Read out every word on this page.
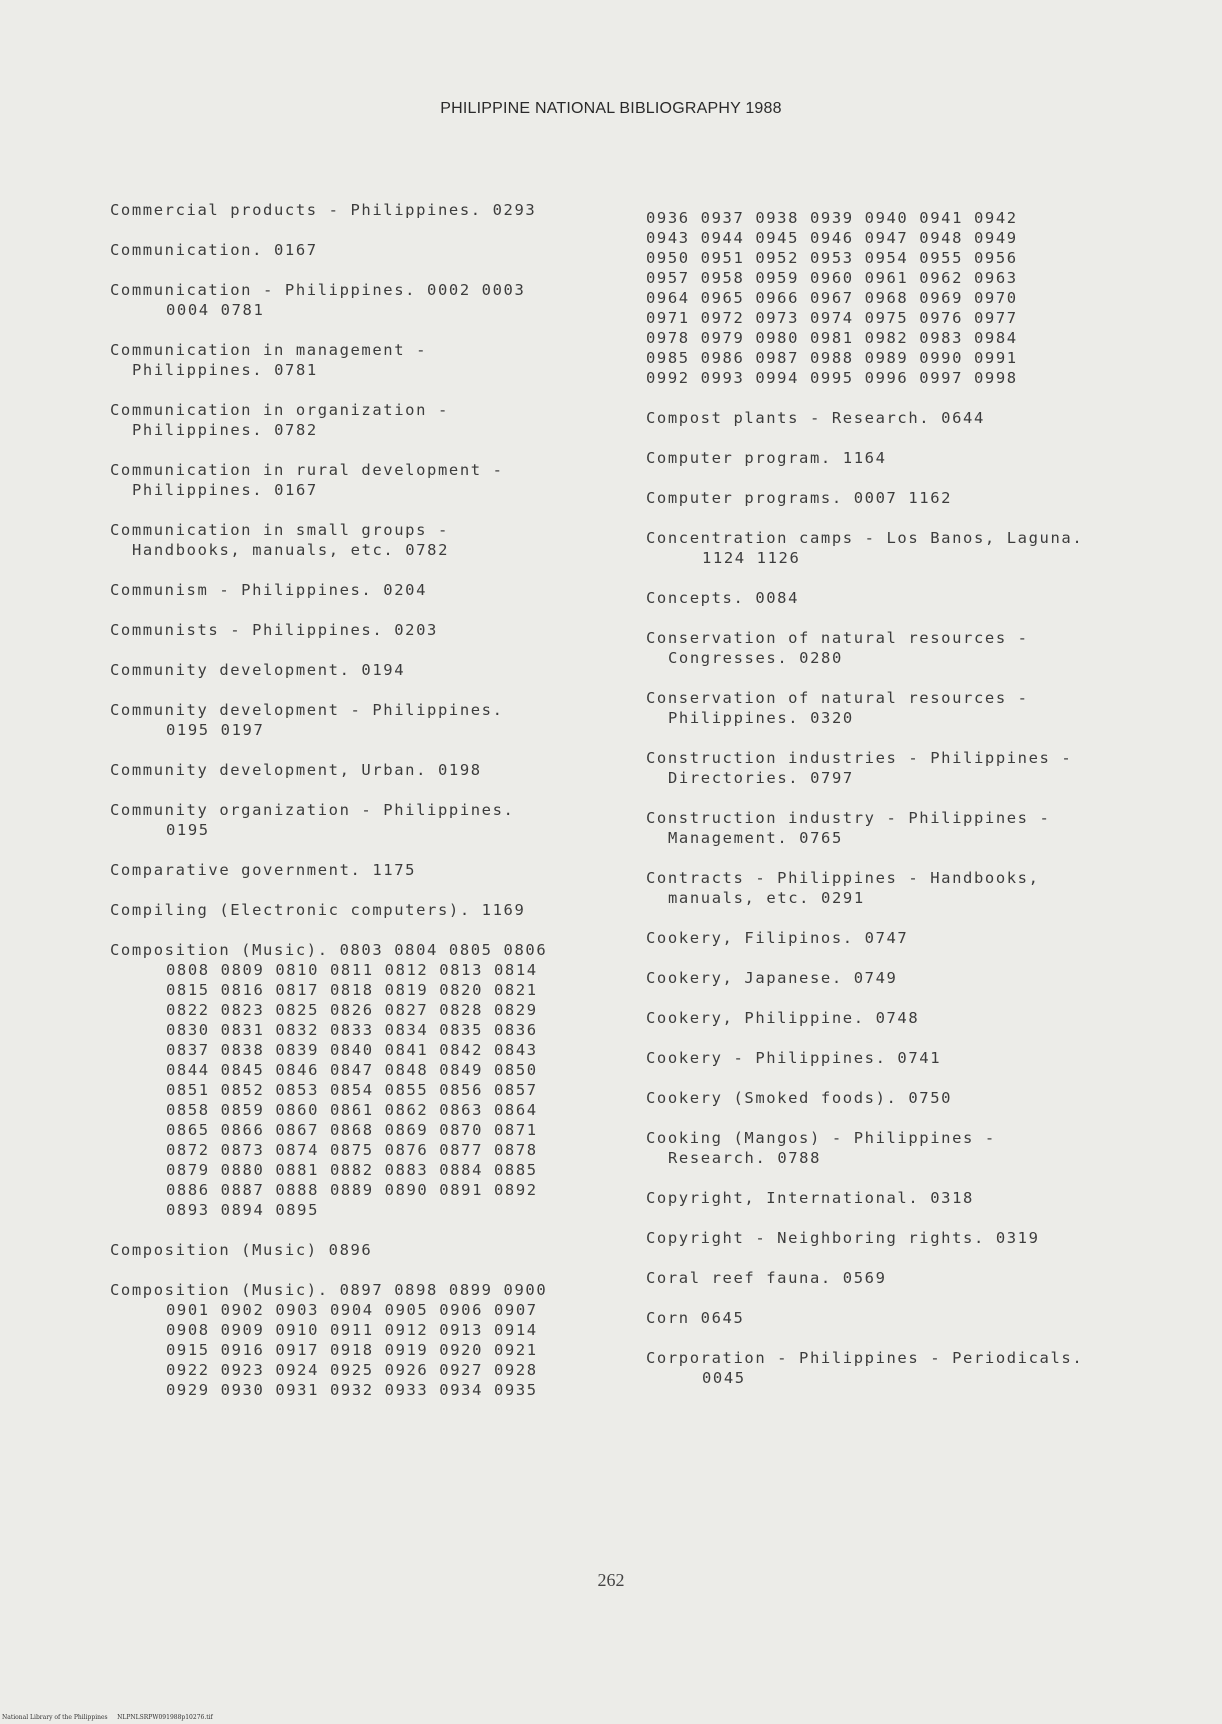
PHILIPPINE NATIONAL BIBLIOGRAPHY 1988
Commercial products - Philippines. 0293
Communication. 0167
Communication - Philippines. 0002 0003
0004 0781
Communication in management -
Philippines. 0781
Communication in organization -
Philippines. 0782
Communication in rural development -
Philippines. 0167
Communication in small groups -
Handbooks, manuals, etc. 0782
Communism - Philippines. 0204
Communists - Philippines. 0203
Community development. 0194
Community development - Philippines.
0195 0197
Community development, Urban. 0198
Community organization - Philippines.
0195
Comparative government. 1175
Compiling (Electronic computers). 1169
Composition (Music). 0803 0804 0805 0806
0808 0809 0810 0811 0812 0813 0814
0815 0816 0817 0818 0819 0820 0821
0822 0823 0825 0826 0827 0828 0829
0830 0831 0832 0833 0834 0835 0836
0837 0838 0839 0840 0841 0842 0843
0844 0845 0846 0847 0848 0849 0850
0851 0852 0853 0854 0855 0856 0857
0858 0859 0860 0861 0862 0863 0864
0865 0866 0867 0868 0869 0870 0871
0872 0873 0874 0875 0876 0877 0878
0879 0880 0881 0882 0883 0884 0885
0886 0887 0888 0889 0890 0891 0892
0893 0894 0895
Composition (Music) 0896
Composition (Music). 0897 0898 0899 0900
0901 0902 0903 0904 0905 0906 0907
0908 0909 0910 0911 0912 0913 0914
0915 0916 0917 0918 0919 0920 0921
0922 0923 0924 0925 0926 0927 0928
0929 0930 0931 0932 0933 0934 0935
0936 0937 0938 0939 0940 0941 0942
0943 0944 0945 0946 0947 0948 0949
0950 0951 0952 0953 0954 0955 0956
0957 0958 0959 0960 0961 0962 0963
0964 0965 0966 0967 0968 0969 0970
0971 0972 0973 0974 0975 0976 0977
0978 0979 0980 0981 0982 0983 0984
0985 0986 0987 0988 0989 0990 0991
0992 0993 0994 0995 0996 0997 0998
Compost plants - Research. 0644
Computer program. 1164
Computer programs. 0007 1162
Concentration camps - Los Banos, Laguna.
1124 1126
Concepts. 0084
Conservation of natural resources -
Congresses. 0280
Conservation of natural resources -
Philippines. 0320
Construction industries - Philippines -
Directories. 0797
Construction industry - Philippines -
Management. 0765
Contracts - Philippines - Handbooks,
manuals, etc. 0291
Cookery, Filipinos. 0747
Cookery, Japanese. 0749
Cookery, Philippine. 0748
Cookery - Philippines. 0741
Cookery (Smoked foods). 0750
Cooking (Mangos) - Philippines -
Research. 0788
Copyright, International. 0318
Copyright - Neighboring rights. 0319
Coral reef fauna. 0569
Corn 0645
Corporation - Philippines - Periodicals.
0045
262
National Library of the Philippines     NLPNLSRPW091988p10276.tif
